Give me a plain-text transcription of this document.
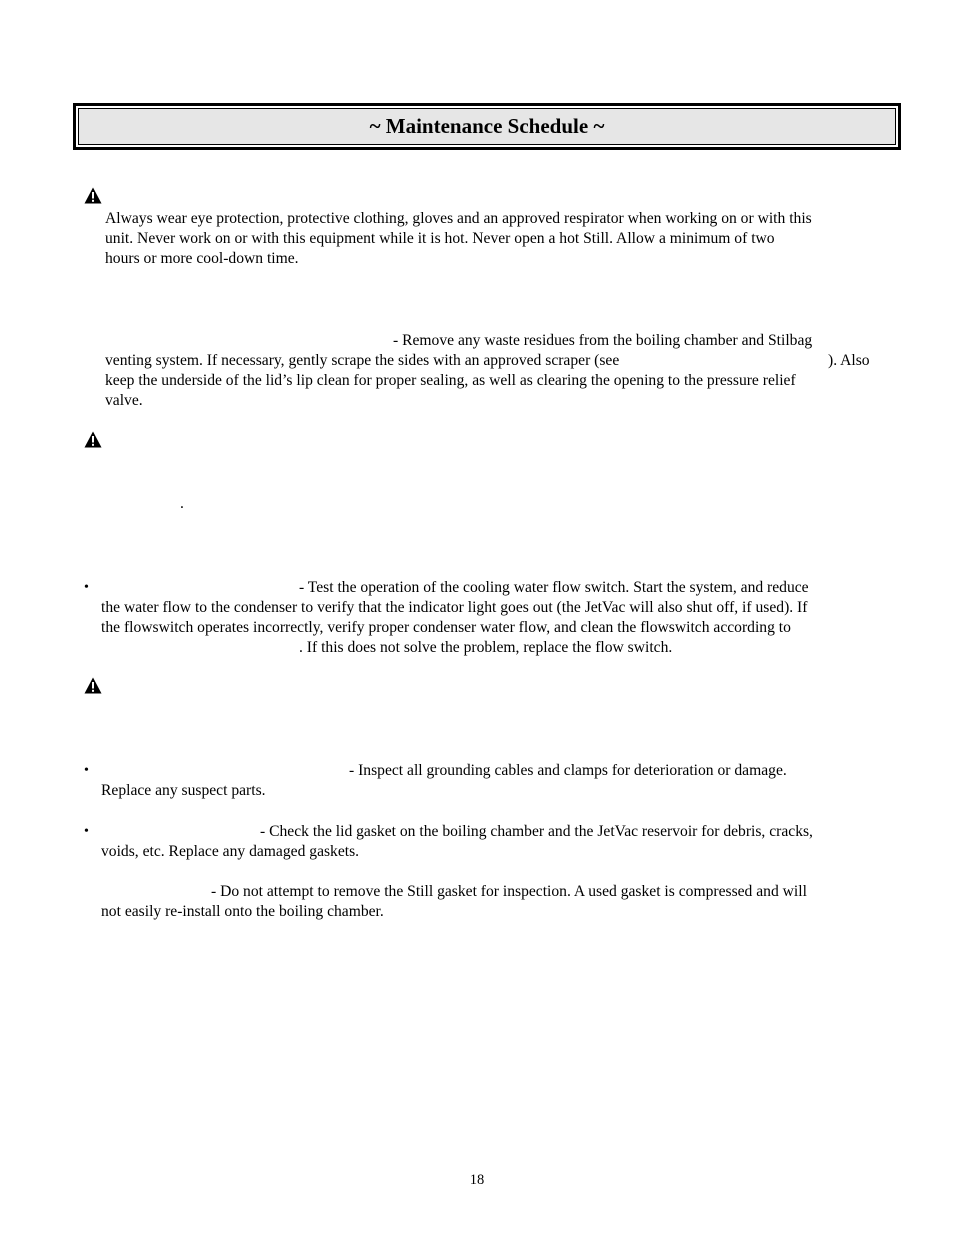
~ Maintenance Schedule ~
Always wear eye protection, protective clothing, gloves and an approved respirator when working on or with this
unit. Never work on or with this equipment while it is hot. Never open a hot Still. Allow a minimum of two
hours or more cool-down time.
- Remove any waste residues from the boiling chamber and Stilbag
venting system. If necessary, gently scrape the sides with an approved scraper (see	). Also
keep the underside of the lid’s lip clean for proper sealing, as well as clearing the opening to the pressure relief
valve.
.
•	- Test the operation of the cooling water flow switch. Start the system, and reduce
the water flow to the condenser to verify that the indicator light goes out (the JetVac will also shut off, if used). If
the flowswitch operates incorrectly, verify proper condenser water flow, and clean the flowswitch according to
. If this does not solve the problem, replace the flow switch.
•	- Inspect all grounding cables and clamps for deterioration or damage.
Replace any suspect parts.
•	- Check the lid gasket on the boiling chamber and the JetVac reservoir for debris, cracks,
voids, etc. Replace any damaged gaskets.
- Do not attempt to remove the Still gasket for inspection. A used gasket is compressed and will
not easily re-install onto the boiling chamber.
18
